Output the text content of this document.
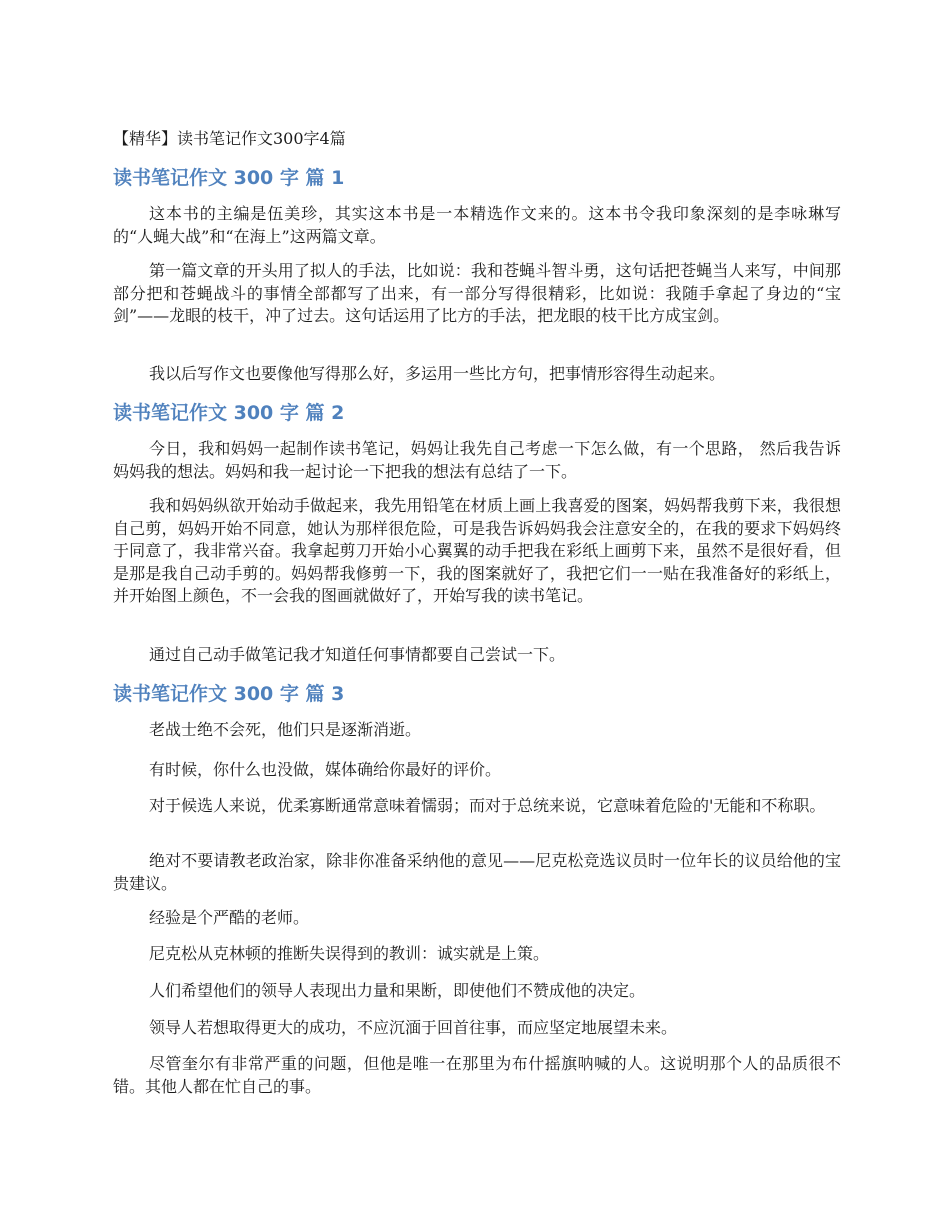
【精华】读书笔记作文300字4篇
读书笔记作文 300 字 篇 1

这本书的主编是伍美珍，其实这本书是一本精选作文来的。这本书令我印象深刻的是李咏琳写的“人蝇大战”和“在海上”这两篇文章。

第一篇文章的开头用了拟人的手法，比如说：我和苍蝇斗智斗勇，这句话把苍蝇当人来写，中间那部分把和苍蝇战斗的事情全部都写了出来，有一部分写得很精彩，比如说：我随手拿起了身边的“宝剑”——龙眼的枝干，冲了过去。这句话运用了比方的手法，把龙眼的枝干比方成宝剑。

我以后写作文也要像他写得那么好，多运用一些比方句，把事情形容得生动起来。

读书笔记作文 300 字 篇 2

今日，我和妈妈一起制作读书笔记，妈妈让我先自己考虑一下怎么做，有一个思路， 然后我告诉妈妈我的想法。妈妈和我一起讨论一下把我的想法有总结了一下。

我和妈妈纵欲开始动手做起来，我先用铅笔在材质上画上我喜爱的图案，妈妈帮我剪下来，我很想自己剪，妈妈开始不同意，她认为那样很危险，可是我告诉妈妈我会注意安全的，在我的要求下妈妈终于同意了，我非常兴奋。我拿起剪刀开始小心翼翼的动手把我在彩纸上画剪下来，虽然不是很好看，但是那是我自己动手剪的。妈妈帮我修剪一下，我的图案就好了，我把它们一一贴在我准备好的彩纸上，并开始图上颜色，不一会我的图画就做好了，开始写我的读书笔记。

通过自己动手做笔记我才知道任何事情都要自己尝试一下。

读书笔记作文 300 字 篇 3

老战士绝不会死，他们只是逐渐消逝。

有时候，你什么也没做，媒体确给你最好的评价。

对于候选人来说，优柔寡断通常意味着懦弱；而对于总统来说，它意味着危险的'无能和不称职。

绝对不要请教老政治家，除非你准备采纳他的意见——尼克松竞选议员时一位年长的议员给他的宝贵建议。

经验是个严酷的老师。

尼克松从克林顿的推断失误得到的教训：诚实就是上策。

人们希望他们的领导人表现出力量和果断，即使他们不赞成他的决定。

领导人若想取得更大的成功，不应沉湎于回首往事，而应坚定地展望未来。

尽管奎尔有非常严重的问题，但他是唯一在那里为布什摇旗呐喊的人。这说明那个人的品质很不错。其他人都在忙自己的事。
